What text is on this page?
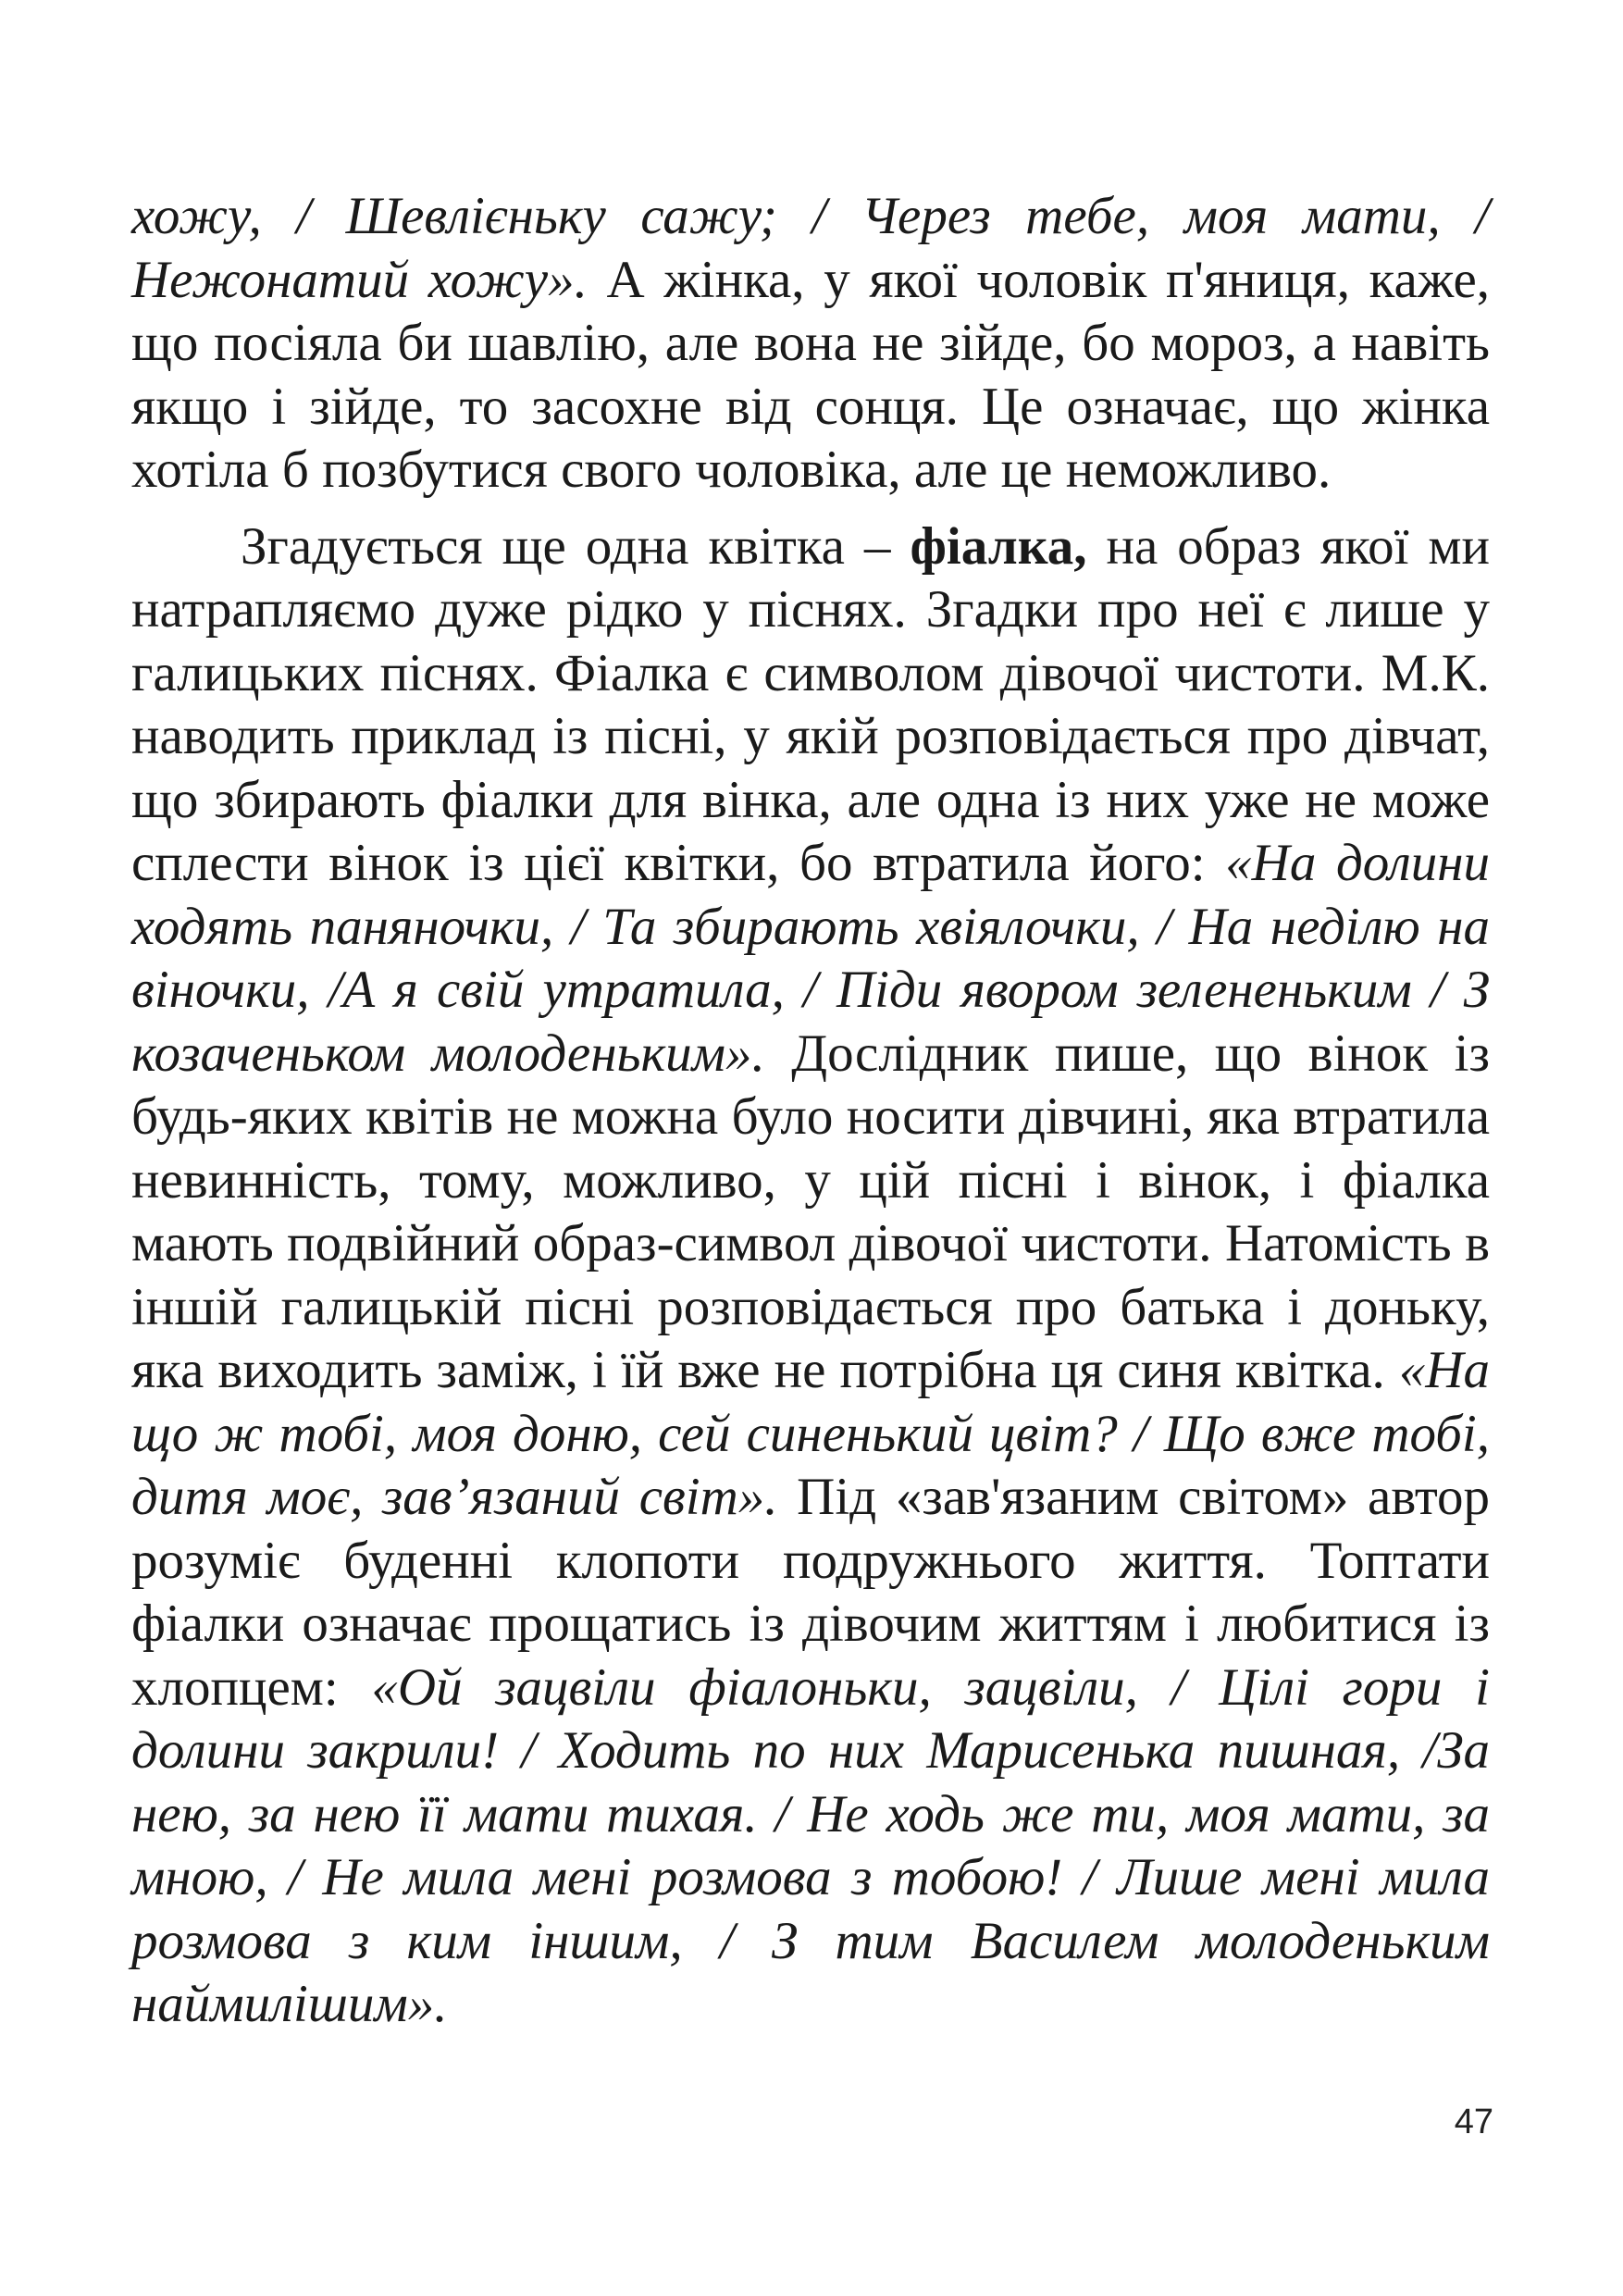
хожу, / Шевлієньку сажу; / Через тебе, моя мати, / Нежонатий хожу». А жінка, у якої чоловік п'яниця, каже, що посіяла би шавлію, але вона не зійде, бо мороз, а навіть якщо і зійде, то засохне від сонця. Це означає, що жінка хотіла б позбутися свого чоловіка, але це неможливо.

Згадується ще одна квітка – фіалка, на образ якої ми натрапляємо дуже рідко у піснях. Згадки про неї є лише у галицьких піснях. Фіалка є символом дівочої чистоти. М.К. наводить приклад із пісні, у якій розповідається про дівчат, що збирають фіалки для вінка, але одна із них уже не може сплести вінок із цієї квітки, бо втратила його: «На долини ходять паняночки, / Та збирають хвіялочки, / На неділю на віночки, /А я свій утратила, / Піди явором зелененьким / З козаченьком молоденьким». Дослідник пише, що вінок із будь-яких квітів не можна було носити дівчині, яка втратила невинність, тому, можливо, у цій пісні і вінок, і фіалка мають подвійний образ-символ дівочої чистоти. Натомість в іншій галицькій пісні розповідається про батька і доньку, яка виходить заміж, і їй вже не потрібна ця синя квітка. «На що ж тобі, моя доню, сей синенький цвіт? / Що вже тобі, дитя моє, зав’язаний світ». Під «зав'язаним світом» автор розуміє буденні клопоти подружнього життя. Топтати фіалки означає прощатись із дівочим життям і любитися із хлопцем: «Ой зацвіли фіалоньки, зацвіли, / Цілі гори і долини закрили! / Ходить по них Марисенька пишная, /За нею, за нею її мати тихая. / Не ходь же ти, моя мати, за мною, / Не мила мені розмова з тобою! / Лише мені мила розмова з ким іншим, / З тим Василем молоденьким наймилішим».

47
